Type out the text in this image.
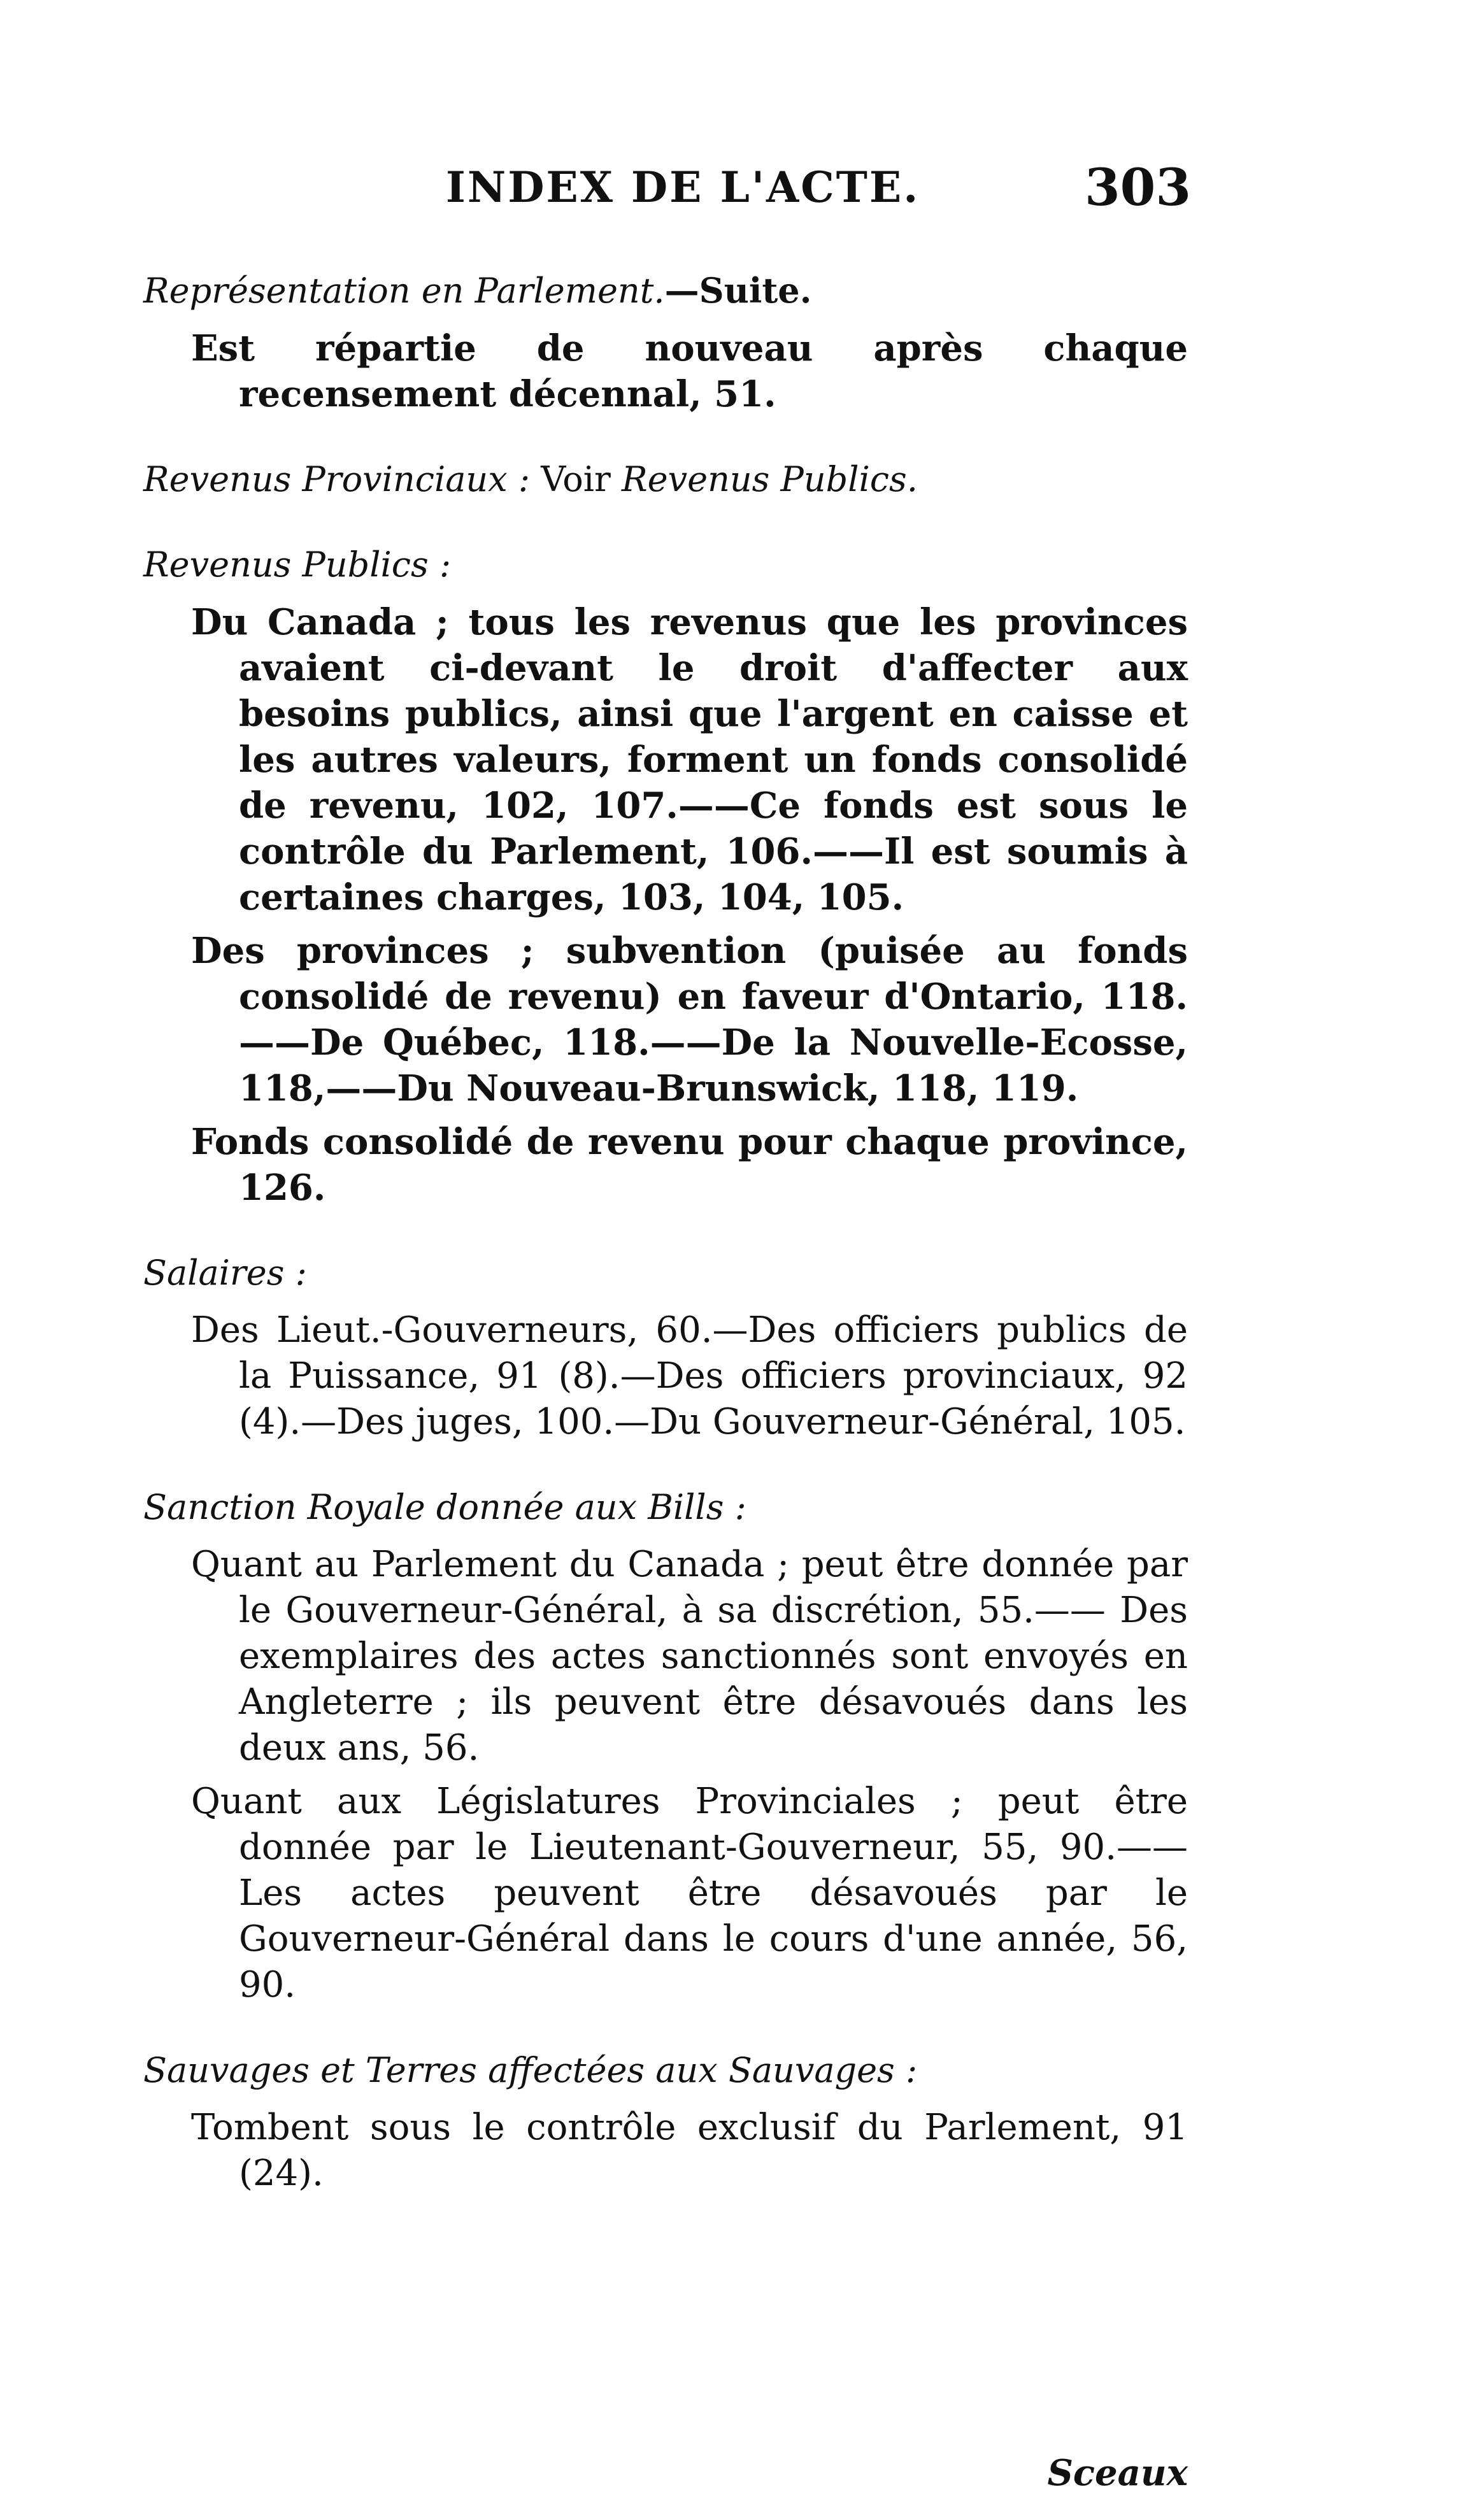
INDEX DE L'ACTE.	303
Représentation en Parlement.—Suite.
Est répartie de nouveau après chaque recensement décennal, 51.
Revenus Provinciaux : Voir Revenus Publics.
Revenus Publics :
Du Canada ; tous les revenus que les provinces avaient ci-devant le droit d'affecter aux besoins publics, ainsi que l'argent en caisse et les autres valeurs, forment un fonds consolidé de revenu, 102, 107.——Ce fonds est sous le contrôle du Parlement, 106.——Il est soumis à certaines charges, 103, 104, 105.
Des provinces ; subvention (puisée au fonds consolidé de revenu) en faveur d'Ontario, 118.——De Québec, 118.——De la Nouvelle-Ecosse, 118,——Du Nouveau-Brunswick, 118, 119.
Fonds consolidé de revenu pour chaque province, 126.
Salaires :
Des Lieut.-Gouverneurs, 60.—Des officiers publics de la Puissance, 91 (8).—Des officiers provinciaux, 92 (4).—Des juges, 100.—Du Gouverneur-Général, 105.
Sanction Royale donnée aux Bills :
Quant au Parlement du Canada ; peut être donnée par le Gouverneur-Général, à sa discrétion, 55.—— Des exemplaires des actes sanctionnés sont envoyés en Angleterre ; ils peuvent être désavoués dans les deux ans, 56.
Quant aux Législatures Provinciales ; peut être donnée par le Lieutenant-Gouverneur, 55, 90.——Les actes peuvent être désavoués par le Gouverneur-Général dans le cours d'une année, 56, 90.
Sauvages et Terres affectées aux Sauvages :
Tombent sous le contrôle exclusif du Parlement, 91 (24).
Sceaux
